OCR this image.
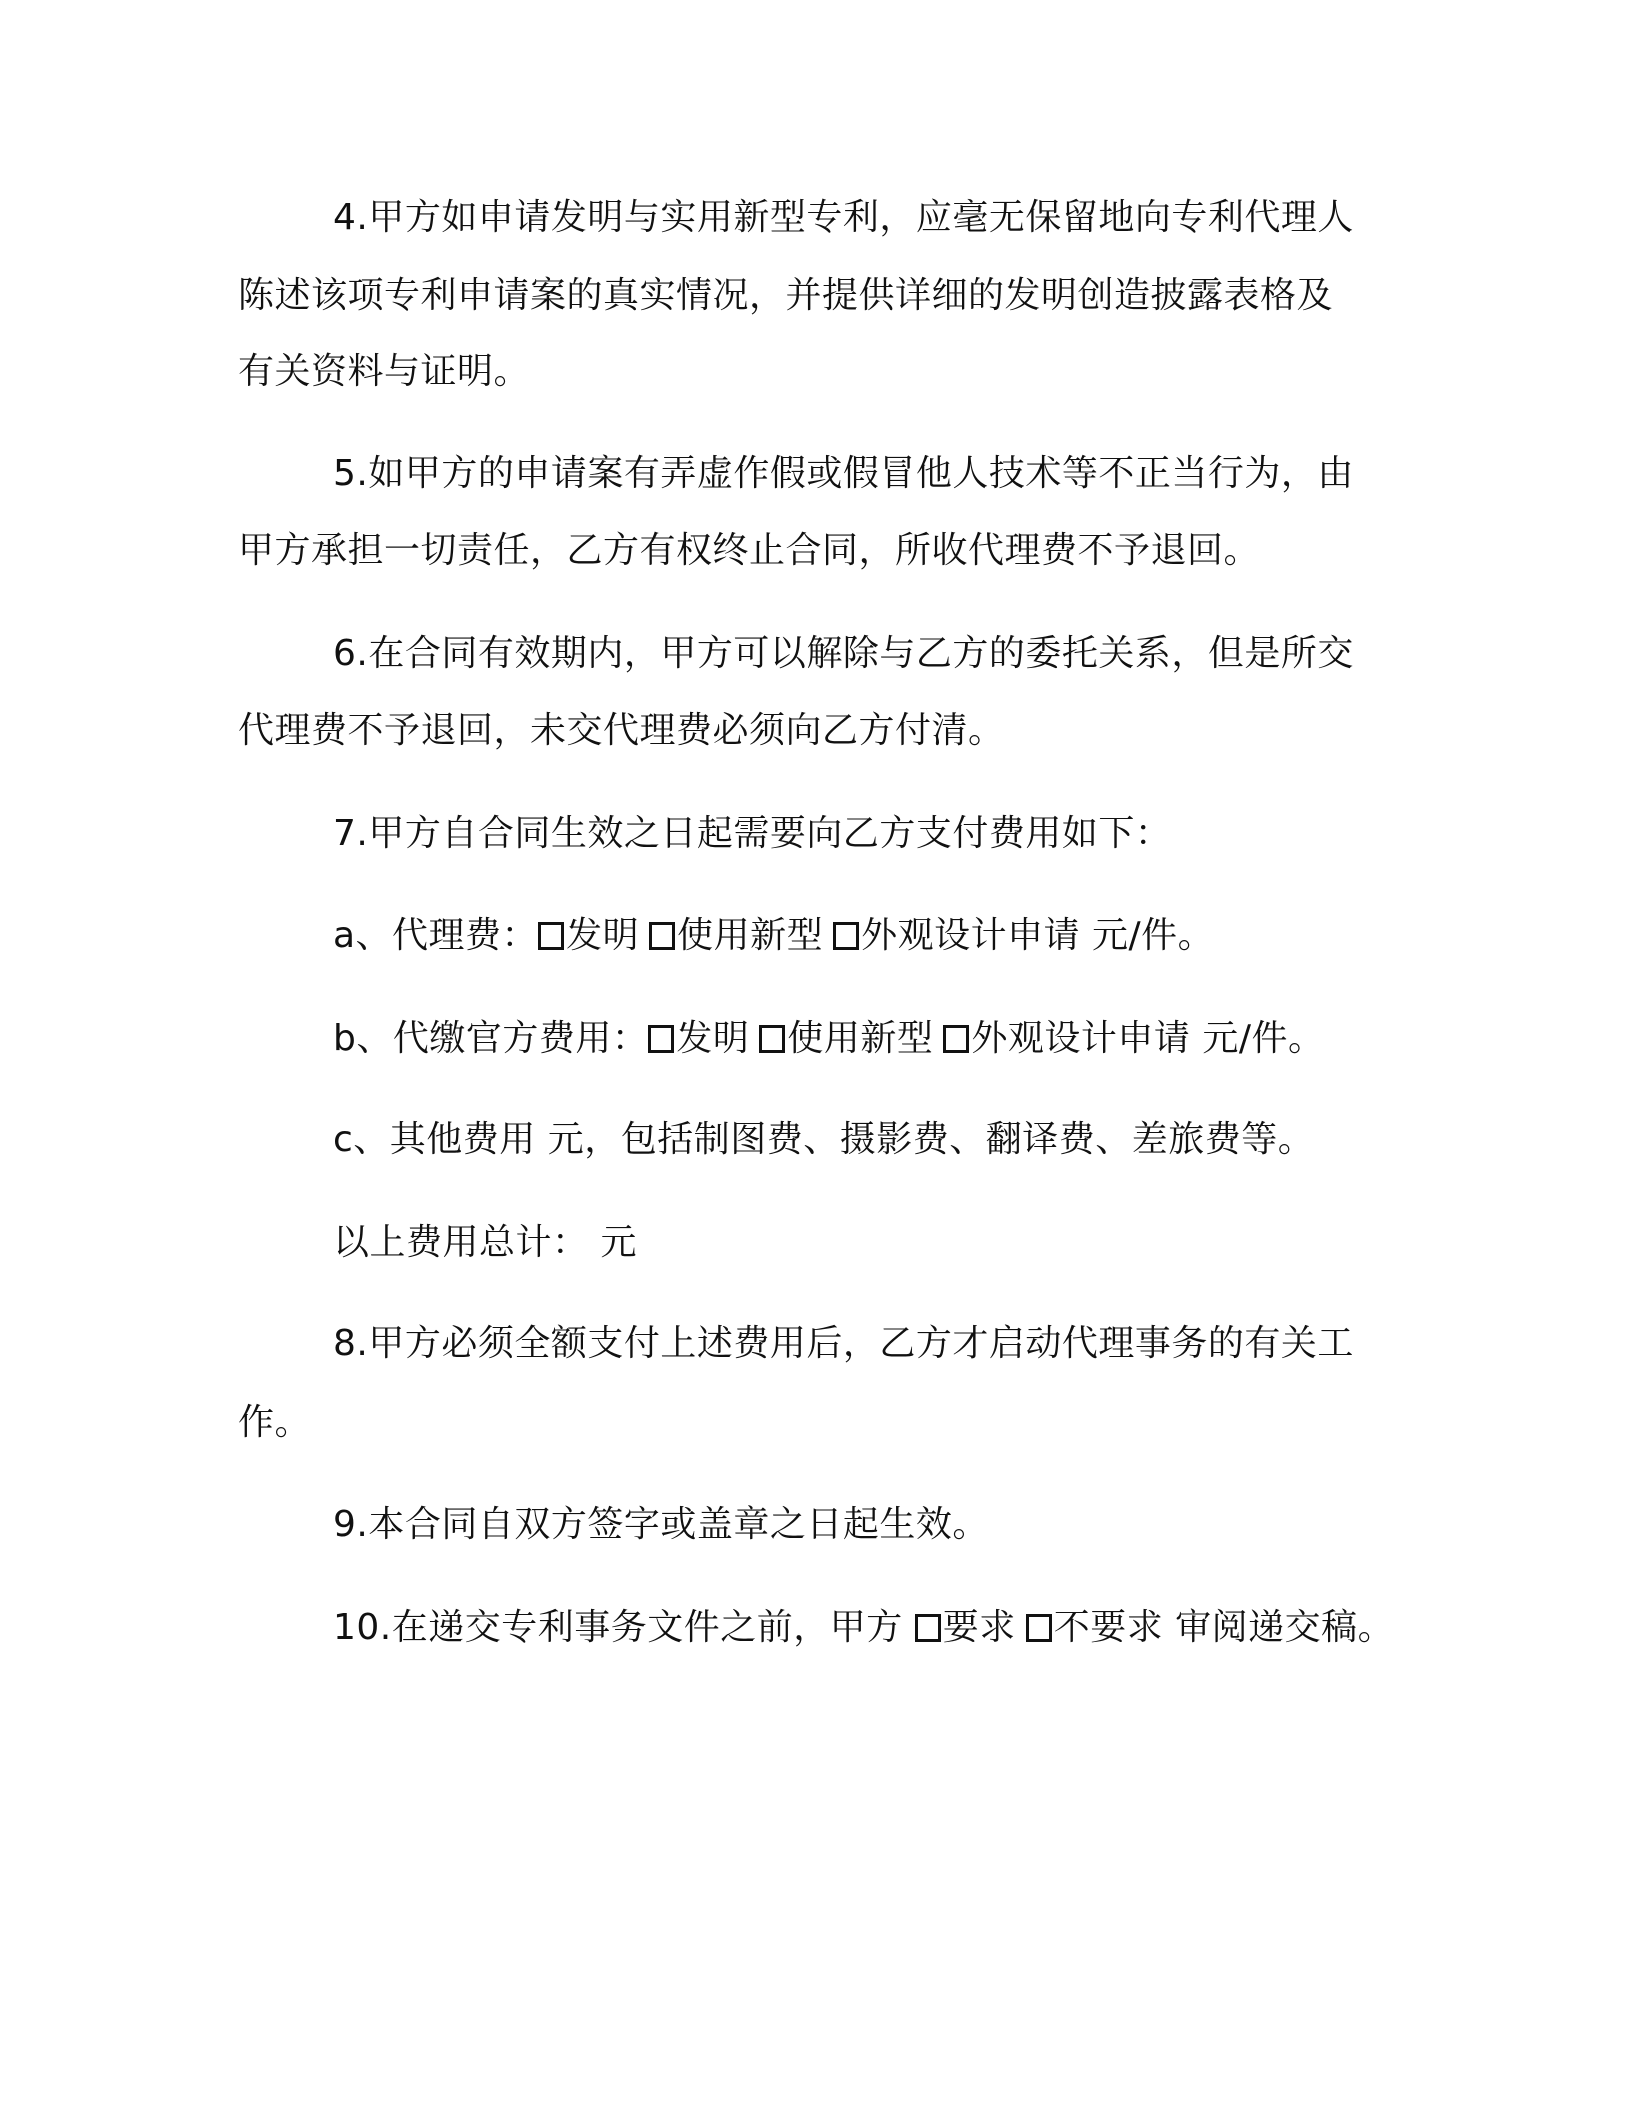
4.甲方如申请发明与实用新型专利，应毫无保留地向专利代理人
陈述该项专利申请案的真实情况，并提供详细的发明创造披露表格及
有关资料与证明。
5.如甲方的申请案有弄虚作假或假冒他人技术等不正当行为，由
甲方承担一切责任，乙方有权终止合同，所收代理费不予退回。
6.在合同有效期内，甲方可以解除与乙方的委托关系，但是所交
代理费不予退回，未交代理费必须向乙方付清。
7.甲方自合同生效之日起需要向乙方支付费用如下：
a、代理费： 发明 使用新型 外观设计申请 元/件。
b、代缴官方费用： 发明 使用新型 外观设计申请 元/件。
c、其他费用 元，包括制图费、摄影费、翻译费、差旅费等。
以上费用总计： 元
8.甲方必须全额支付上述费用后，乙方才启动代理事务的有关工
作。
9.本合同自双方签字或盖章之日起生效。
10.在递交专利事务文件之前，甲方 要求 不要求 审阅递交稿。
